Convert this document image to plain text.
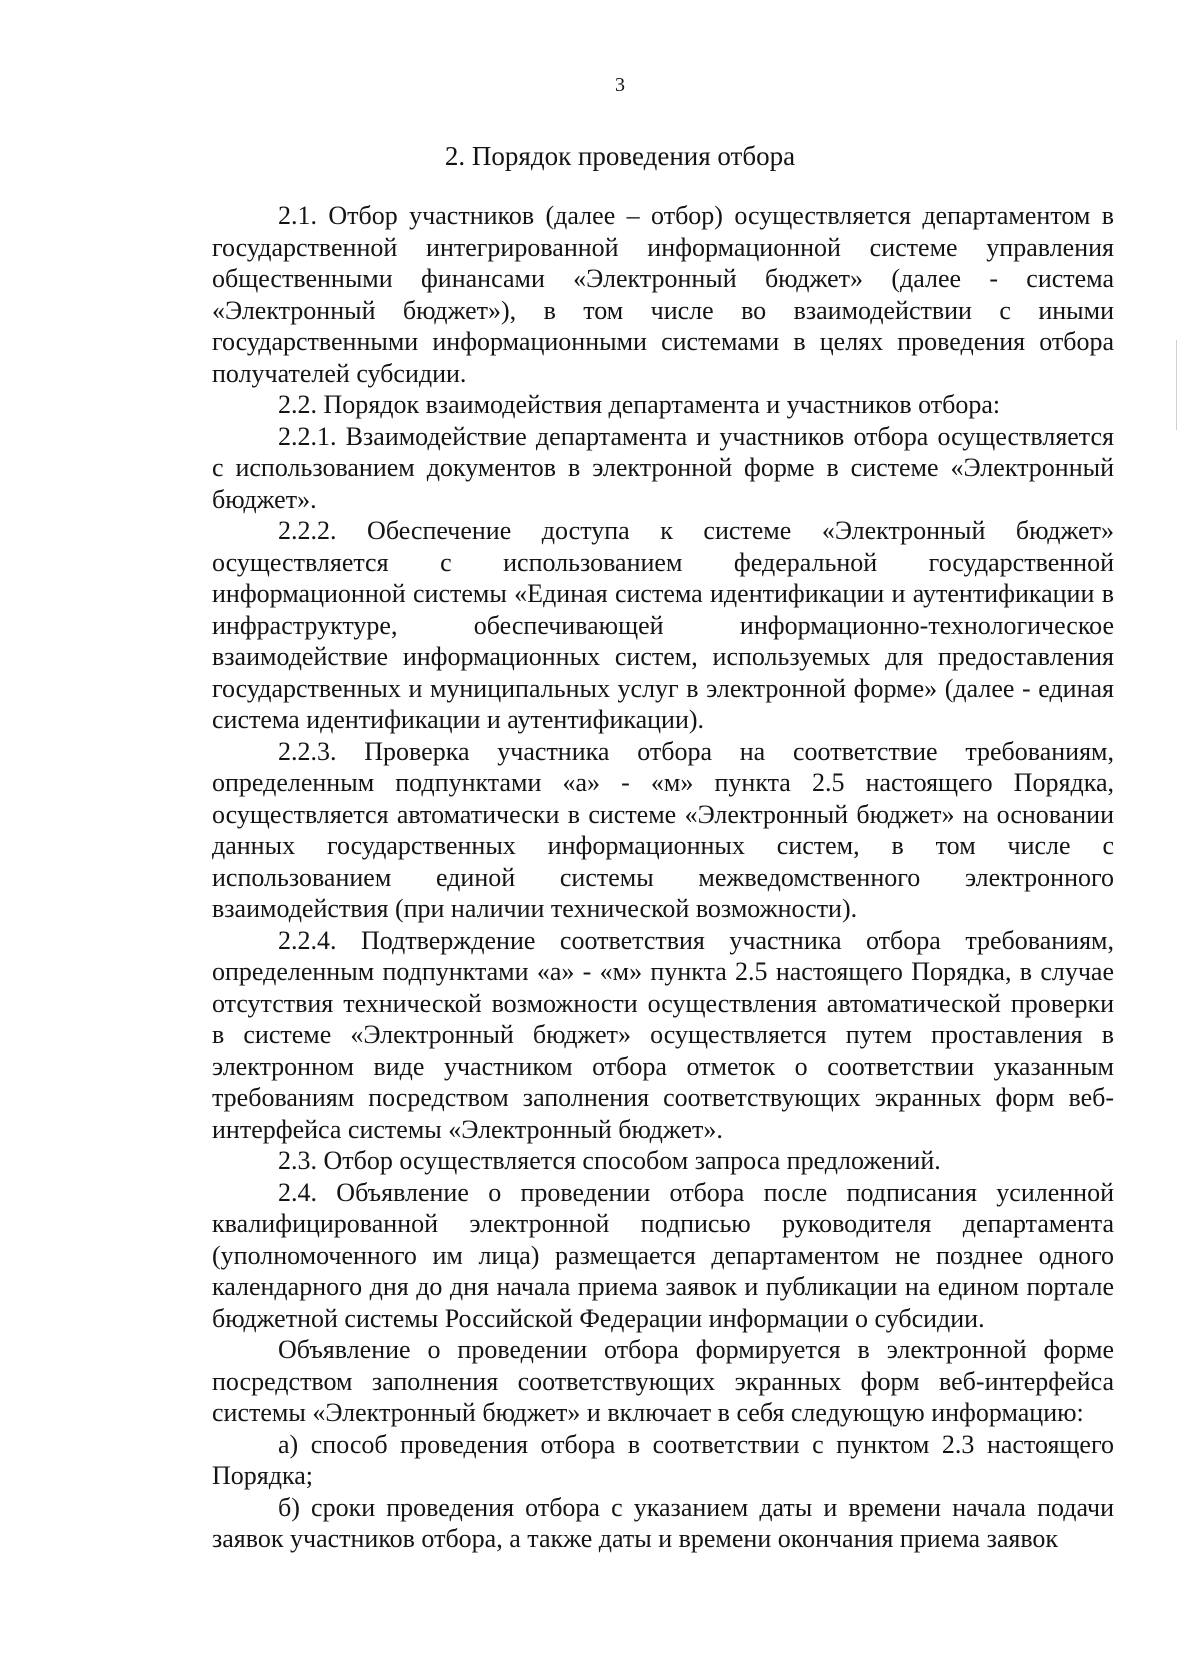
3
2. Порядок проведения отбора

2.1. Отбор участников (далее – отбор) осуществляется департаментом в государственной интегрированной информационной системе управления общественными финансами «Электронный бюджет» (далее - система «Электронный бюджет»), в том числе во взаимодействии с иными государственными информационными системами в целях проведения отбора получателей субсидии.

2.2. Порядок взаимодействия департамента и участников отбора:

2.2.1. Взаимодействие департамента и участников отбора осуществляется с использованием документов в электронной форме в системе «Электронный бюджет».

2.2.2. Обеспечение доступа к системе «Электронный бюджет» осуществляется с использованием федеральной государственной информационной системы «Единая система идентификации и аутентификации в инфраструктуре, обеспечивающей информационно-технологическое взаимодействие информационных систем, используемых для предоставления государственных и муниципальных услуг в электронной форме» (далее - единая система идентификации и аутентификации).

2.2.3. Проверка участника отбора на соответствие требованиям, определенным подпунктами «а» - «м» пункта 2.5 настоящего Порядка, осуществляется автоматически в системе «Электронный бюджет» на основании данных государственных информационных систем, в том числе с использованием единой системы межведомственного электронного взаимодействия (при наличии технической возможности).

2.2.4. Подтверждение соответствия участника отбора требованиям, определенным подпунктами «а» - «м» пункта 2.5 настоящего Порядка, в случае отсутствия технической возможности осуществления автоматической проверки в системе «Электронный бюджет» осуществляется путем проставления в электронном виде участником отбора отметок о соответствии указанным требованиям посредством заполнения соответствующих экранных форм веб-интерфейса системы «Электронный бюджет».

2.3. Отбор осуществляется способом запроса предложений.

2.4. Объявление о проведении отбора после подписания усиленной квалифицированной электронной подписью руководителя департамента (уполномоченного им лица) размещается департаментом не позднее одного календарного дня до дня начала приема заявок и публикации на едином портале бюджетной системы Российской Федерации информации о субсидии.

Объявление о проведении отбора формируется в электронной форме посредством заполнения соответствующих экранных форм веб-интерфейса системы «Электронный бюджет» и включает в себя следующую информацию:

а) способ проведения отбора в соответствии с пунктом 2.3 настоящего Порядка;

б) сроки проведения отбора с указанием даты и времени начала подачи заявок участников отбора, а также даты и времени окончания приема заявок
